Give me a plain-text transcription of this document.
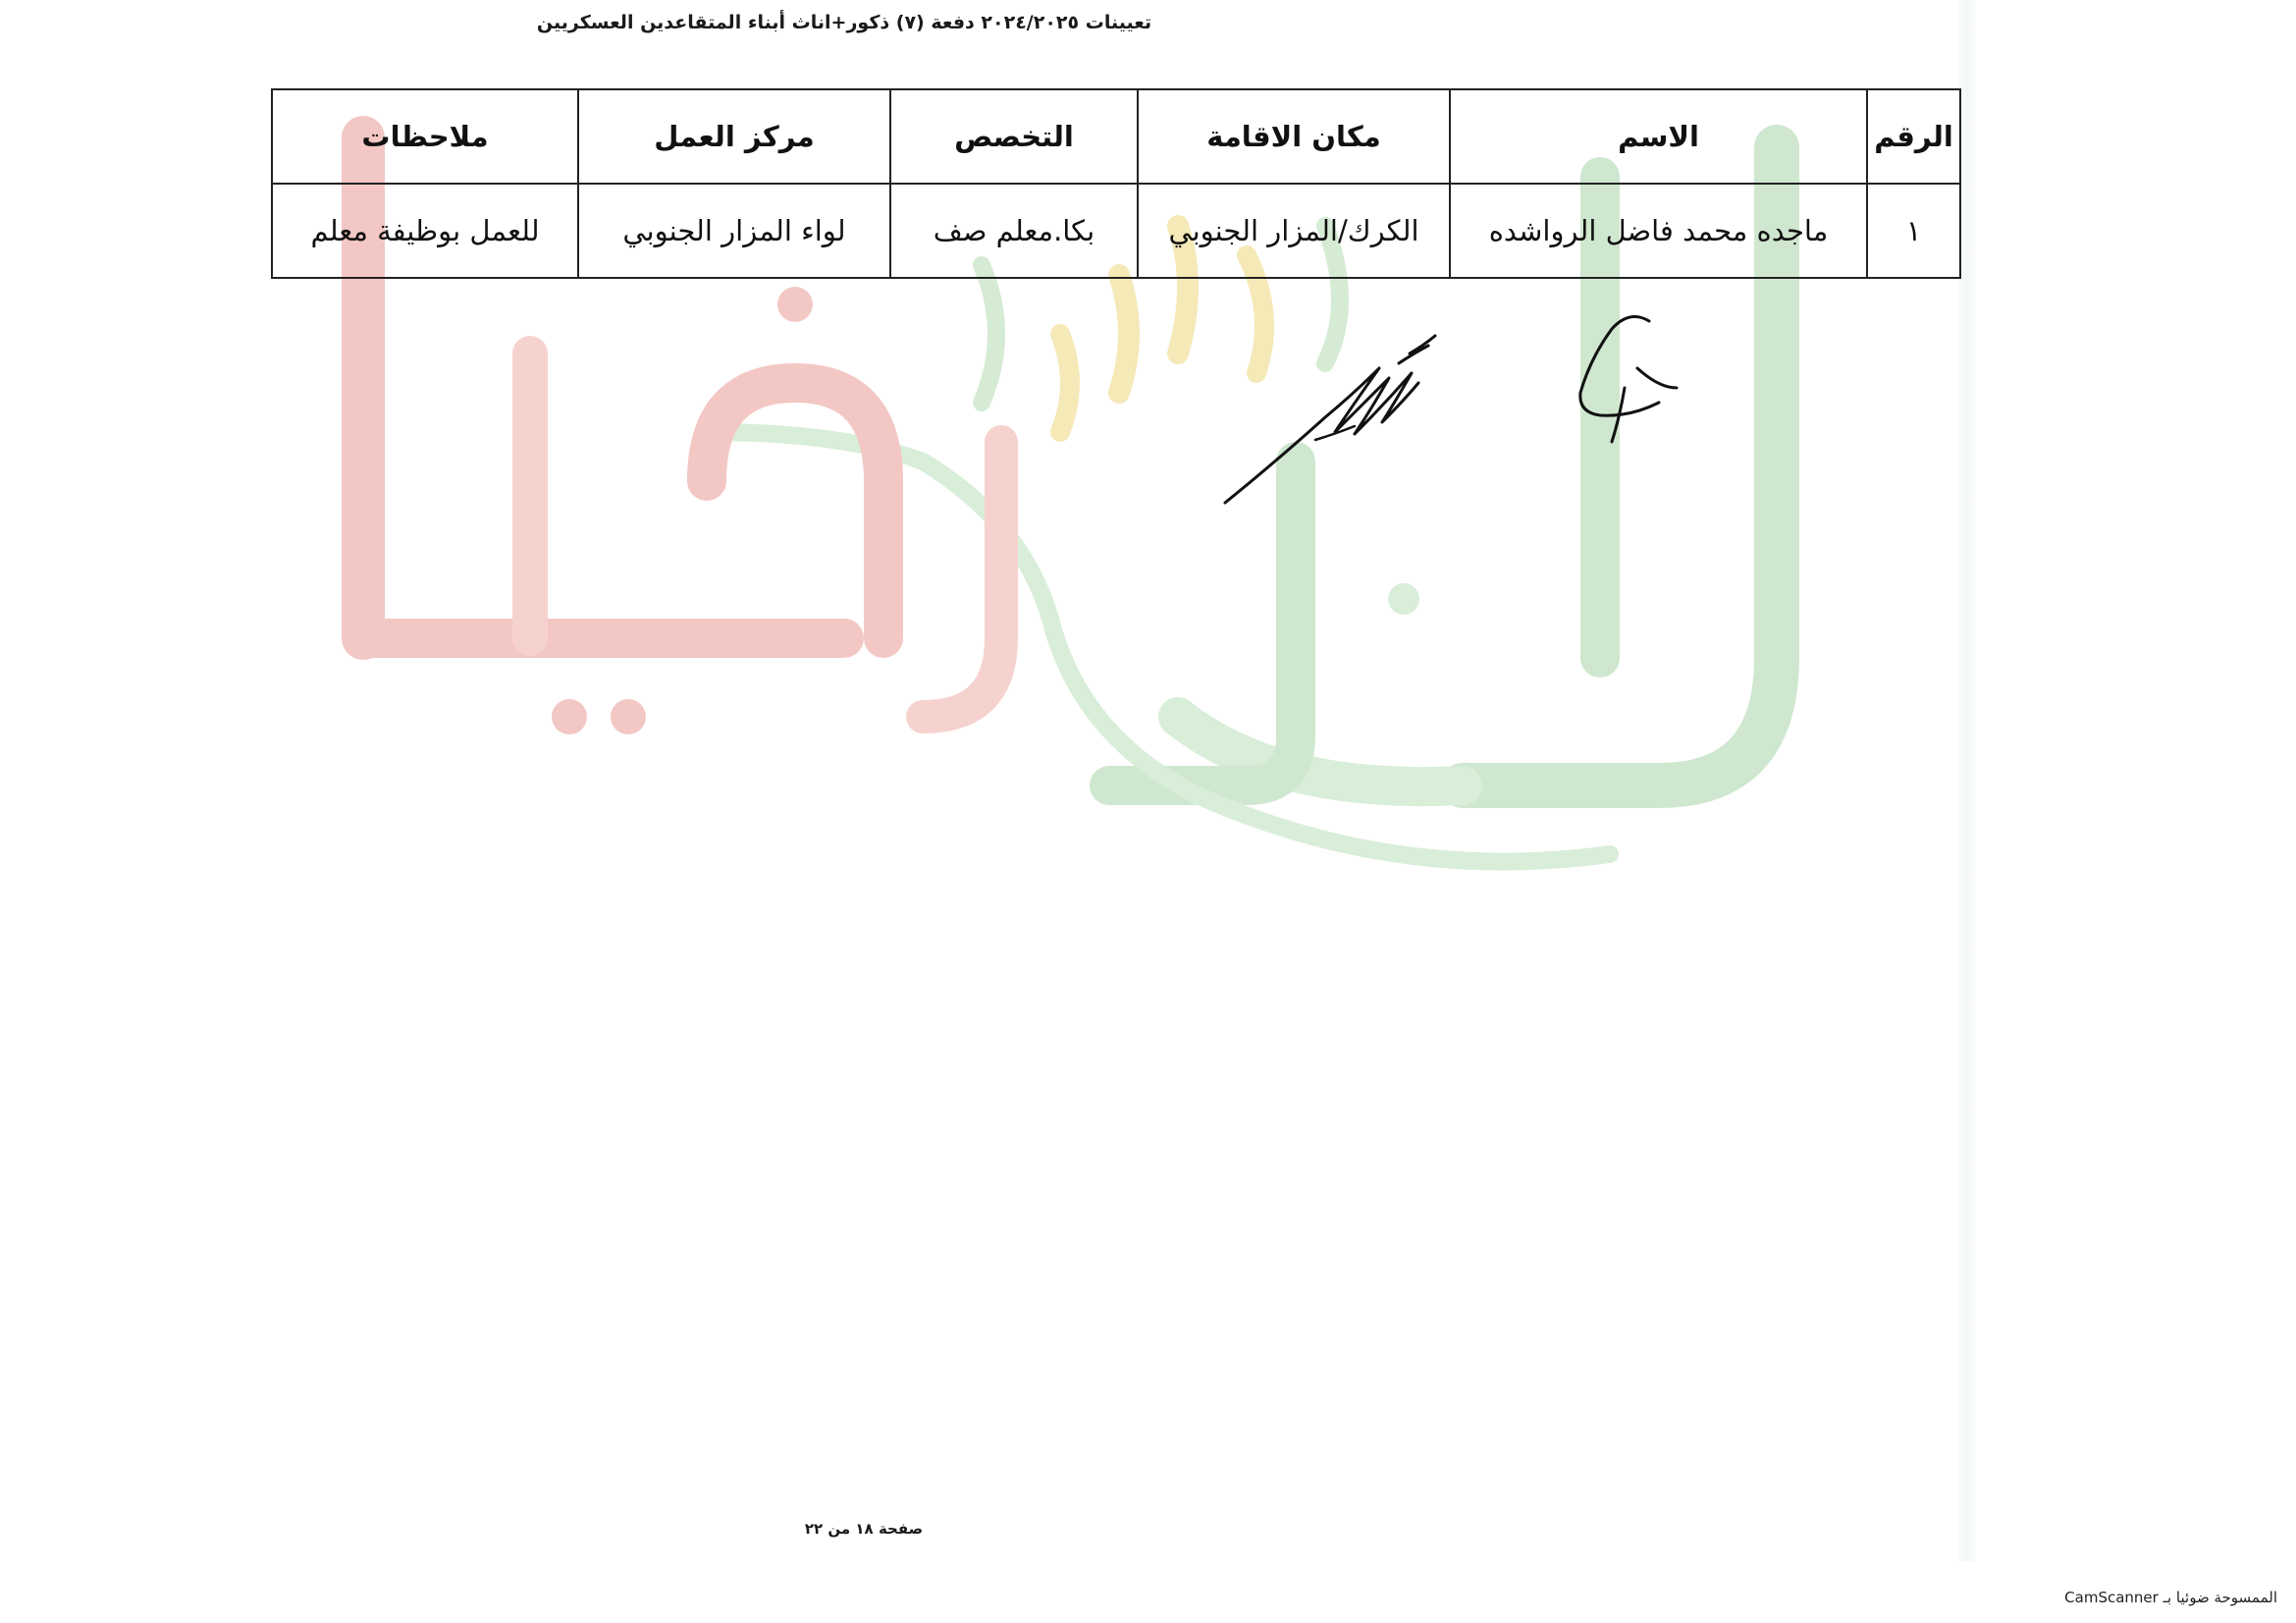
تعيينات ٢٠٢٤/٢٠٢٥ دفعة (٧) ذكور+اناث أبناء المتقاعدين العسكريين
الرقم	الاسم	مكان الاقامة	التخصص	مركز العمل	ملاحظات
١	ماجده محمد فاضل الرواشده	الكرك/المزار الجنوبي	بكا.معلم صف	لواء المزار الجنوبي	للعمل بوظيفة معلم
صفحة ١٨ من ٢٢
الممسوحة ضوئيا بـ CamScanner
